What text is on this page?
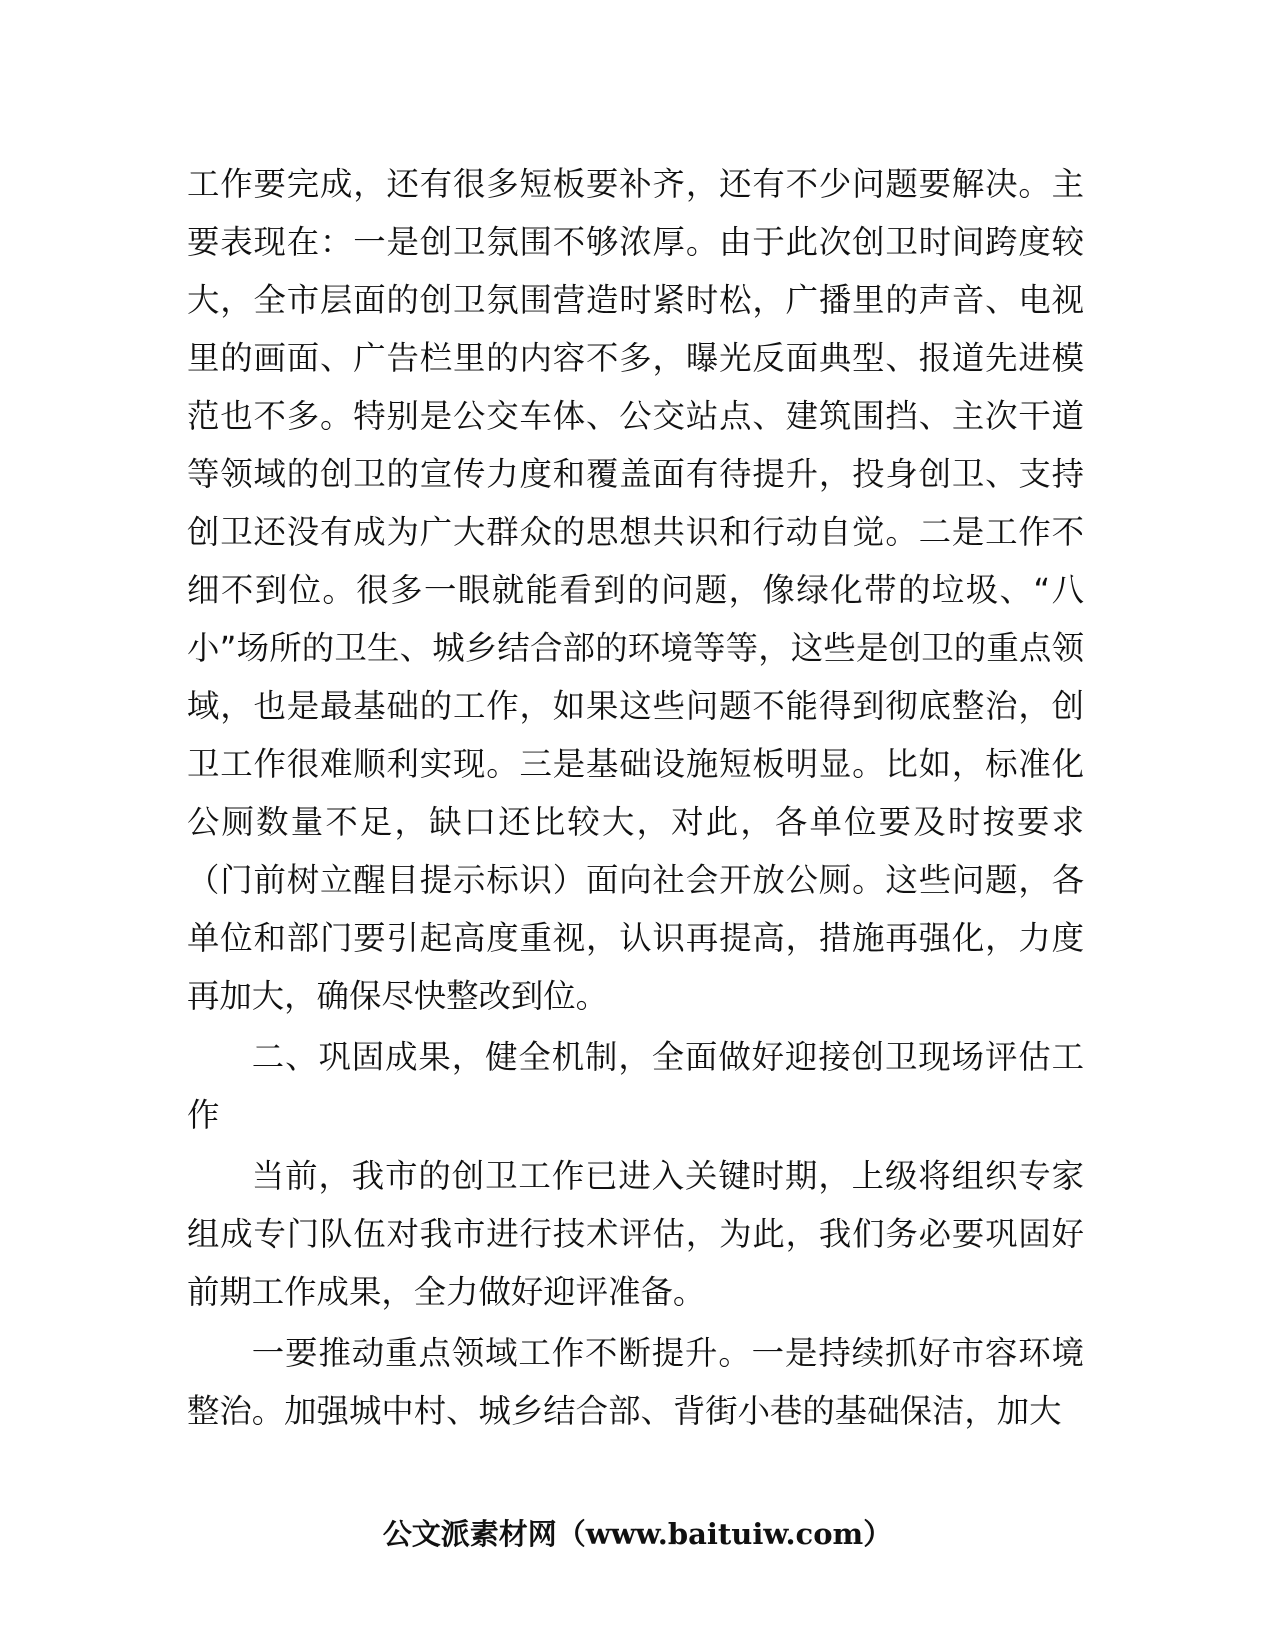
工作要完成，还有很多短板要补齐，还有不少问题要解决。主要表现在：一是创卫氛围不够浓厚。由于此次创卫时间跨度较大，全市层面的创卫氛围营造时紧时松，广播里的声音、电视里的画面、广告栏里的内容不多，曝光反面典型、报道先进模范也不多。特别是公交车体、公交站点、建筑围挡、主次干道等领域的创卫的宣传力度和覆盖面有待提升，投身创卫、支持创卫还没有成为广大群众的思想共识和行动自觉。二是工作不细不到位。很多一眼就能看到的问题，像绿化带的垃圾、“八小”场所的卫生、城乡结合部的环境等等，这些是创卫的重点领域，也是最基础的工作，如果这些问题不能得到彻底整治，创卫工作很难顺利实现。三是基础设施短板明显。比如，标准化公厕数量不足，缺口还比较大，对此，各单位要及时按要求（门前树立醒目提示标识）面向社会开放公厕。这些问题，各单位和部门要引起高度重视，认识再提高，措施再强化，力度再加大，确保尽快整改到位。

二、巩固成果，健全机制，全面做好迎接创卫现场评估工作

当前，我市的创卫工作已进入关键时期，上级将组织专家组成专门队伍对我市进行技术评估，为此，我们务必要巩固好前期工作成果，全力做好迎评准备。

一要推动重点领域工作不断提升。一是持续抓好市容环境整治。加强城中村、城乡结合部、背街小巷的基础保洁，加大

公文派素材网（www.baituiw.com）
